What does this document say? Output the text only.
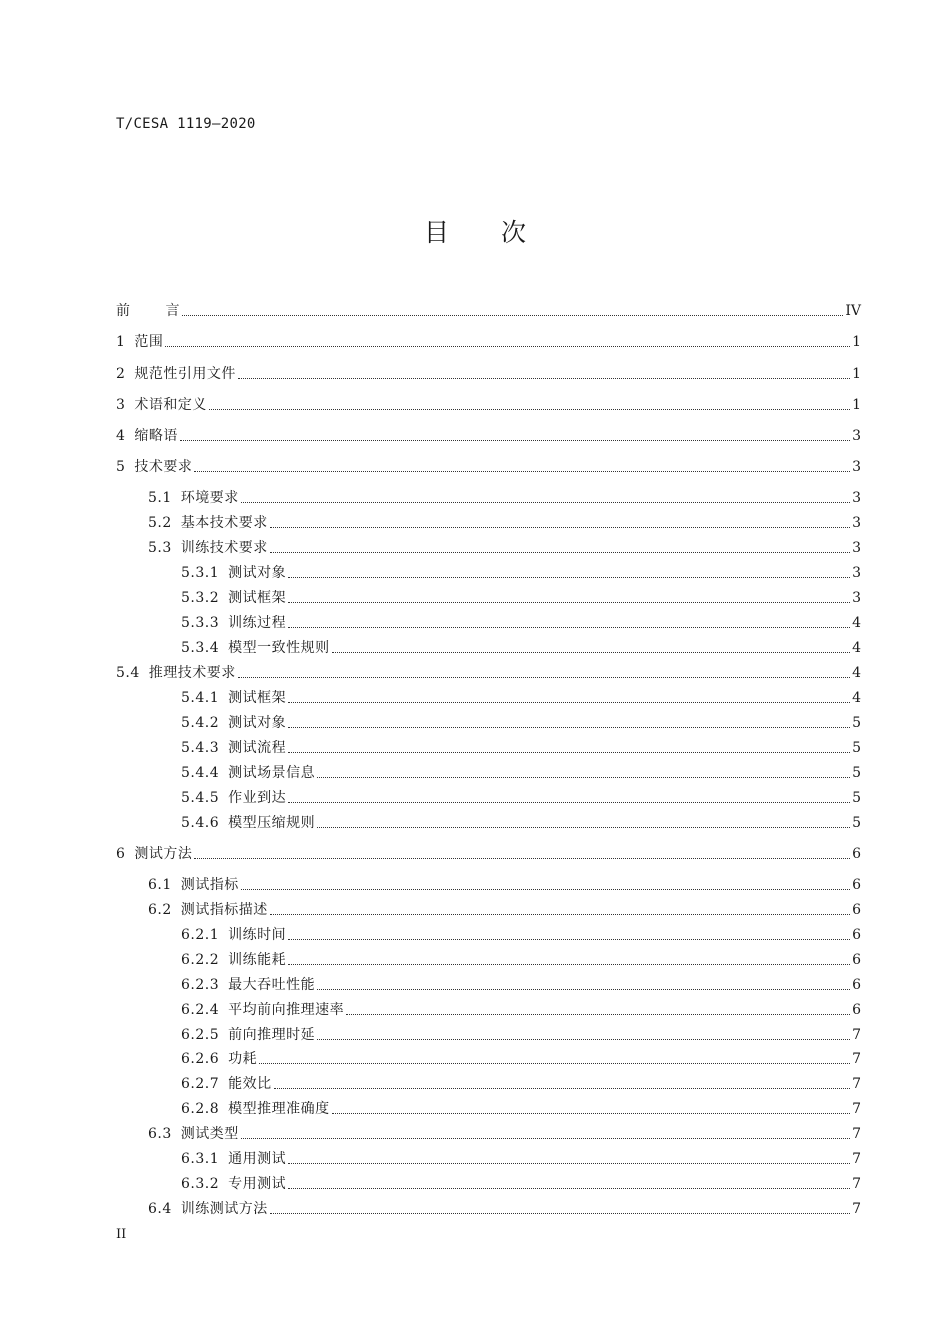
T/CESA 1119—2020
目 次
前	言	IV
1 范围	1
2 规范性引用文件	1
3 术语和定义	1
4 缩略语	3
5 技术要求	3
5.1 环境要求	3
5.2 基本技术要求	3
5.3 训练技术要求	3
5.3.1 测试对象	3
5.3.2 测试框架	3
5.3.3 训练过程	4
5.3.4 模型一致性规则	4
5.4 推理技术要求	4
5.4.1 测试框架	4
5.4.2 测试对象	5
5.4.3 测试流程	5
5.4.4 测试场景信息	5
5.4.5 作业到达	5
5.4.6 模型压缩规则	5
6 测试方法	6
6.1 测试指标	6
6.2 测试指标描述	6
6.2.1 训练时间	6
6.2.2 训练能耗	6
6.2.3 最大吞吐性能	6
6.2.4 平均前向推理速率	6
6.2.5 前向推理时延	7
6.2.6 功耗	7
6.2.7 能效比	7
6.2.8 模型推理准确度	7
6.3 测试类型	7
6.3.1 通用测试	7
6.3.2 专用测试	7
6.4 训练测试方法	7
II
